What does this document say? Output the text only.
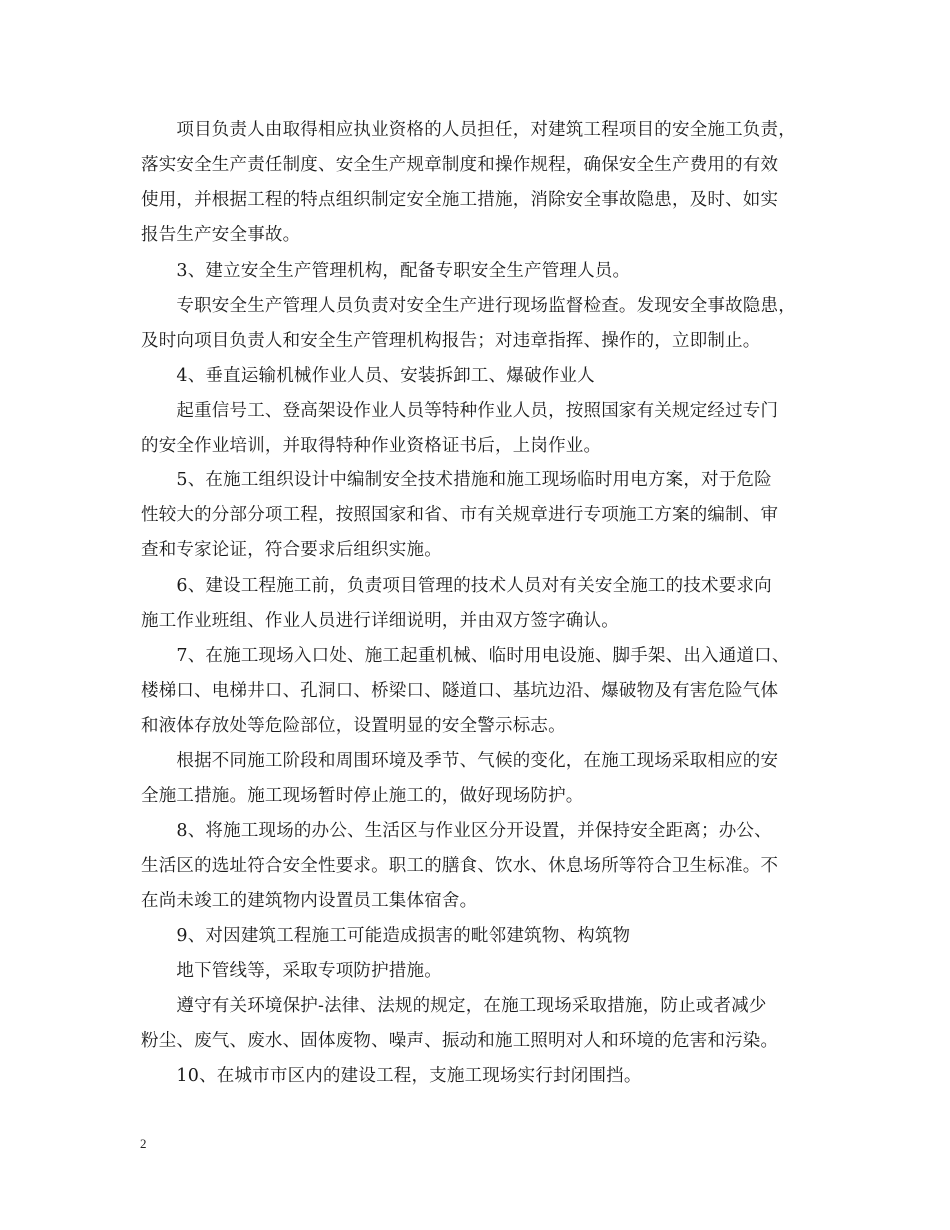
　　项目负责人由取得相应执业资格的人员担任，对建筑工程项目的安全施工负责，
落实安全生产责任制度、安全生产规章制度和操作规程，确保安全生产费用的有效
使用，并根据工程的特点组织制定安全施工措施，消除安全事故隐患，及时、如实
报告生产安全事故。
　　3、建立安全生产管理机构，配备专职安全生产管理人员。
　　专职安全生产管理人员负责对安全生产进行现场监督检查。发现安全事故隐患，
及时向项目负责人和安全生产管理机构报告；对违章指挥、操作的，立即制止。
　　4、垂直运输机械作业人员、安装拆卸工、爆破作业人
　　起重信号工、登高架设作业人员等特种作业人员，按照国家有关规定经过专门
的安全作业培训，并取得特种作业资格证书后，上岗作业。
　　5、在施工组织设计中编制安全技术措施和施工现场临时用电方案，对于危险
性较大的分部分项工程，按照国家和省、市有关规章进行专项施工方案的编制、审
查和专家论证，符合要求后组织实施。
　　6、建设工程施工前，负责项目管理的技术人员对有关安全施工的技术要求向
施工作业班组、作业人员进行详细说明，并由双方签字确认。
　　7、在施工现场入口处、施工起重机械、临时用电设施、脚手架、出入通道口、
楼梯口、电梯井口、孔洞口、桥梁口、隧道口、基坑边沿、爆破物及有害危险气体
和液体存放处等危险部位，设置明显的安全警示标志。
　　根据不同施工阶段和周围环境及季节、气候的变化，在施工现场采取相应的安
全施工措施。施工现场暂时停止施工的，做好现场防护。
　　8、将施工现场的办公、生活区与作业区分开设置，并保持安全距离；办公、
生活区的选址符合安全性要求。职工的膳食、饮水、休息场所等符合卫生标准。不
在尚未竣工的建筑物内设置员工集体宿舍。
　　9、对因建筑工程施工可能造成损害的毗邻建筑物、构筑物
　　地下管线等，采取专项防护措施。
　　遵守有关环境保护-法律、法规的规定，在施工现场采取措施，防止或者减少
粉尘、废气、废水、固体废物、噪声、振动和施工照明对人和环境的危害和污染。
　　10、在城市市区内的建设工程，支施工现场实行封闭围挡。
2
